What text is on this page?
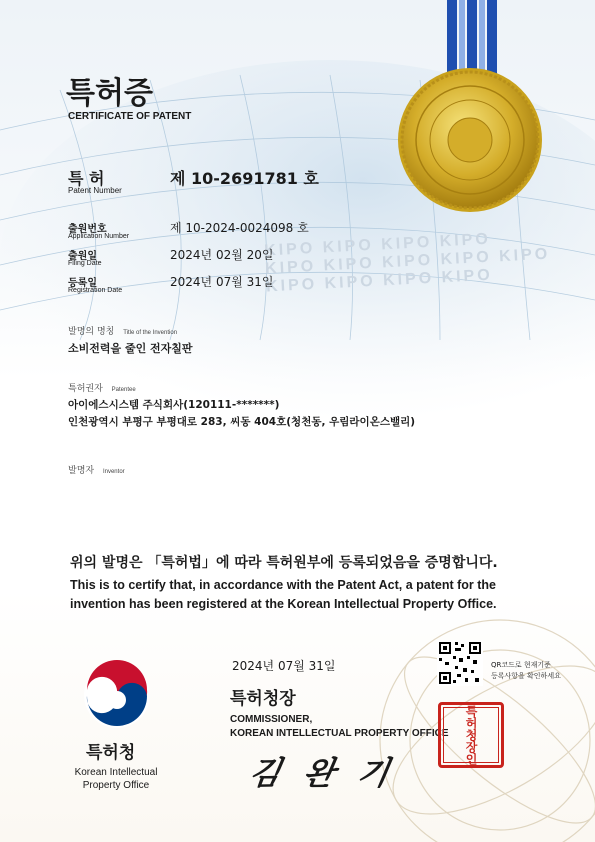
KIPO KIPO KIPO KIPO
KIPO KIPO KIPO KIPO KIPO
KIPO KIPO KIPO KIPO
특허증
CERTIFICATE OF PATENT
특 허
Patent Number
제 10-2691781 호
출원번호
Application Number
제 10-2024-0024098 호
출원일
Filing Date
2024년 02월 20일
등록일
Registration Date
2024년 07월 31일
발명의 명칭 Title of the Invention
소비전력을 줄인 전자칠판
특허권자 Patentee
아이에스시스템 주식회사(120111-*******)
인천광역시 부평구 부평대로 283, 씨동 404호(청천동, 우림라이온스밸리)
발명자 Inventor
위의 발명은 「특허법」에 따라 특허원부에 등록되었음을 증명합니다.
This is to certify that, in accordance with the Patent Act, a patent for the
invention has been registered at the Korean Intellectual Property Office.
2024년 07월 31일	QR코드로 현재기준
등록사항을 확인하세요
특허청장
COMMISSIONER,
KOREAN INTELLECTUAL PROPERTY OFFICE
김 완 기
특허청장인
특허청
Korean Intellectual
Property Office
